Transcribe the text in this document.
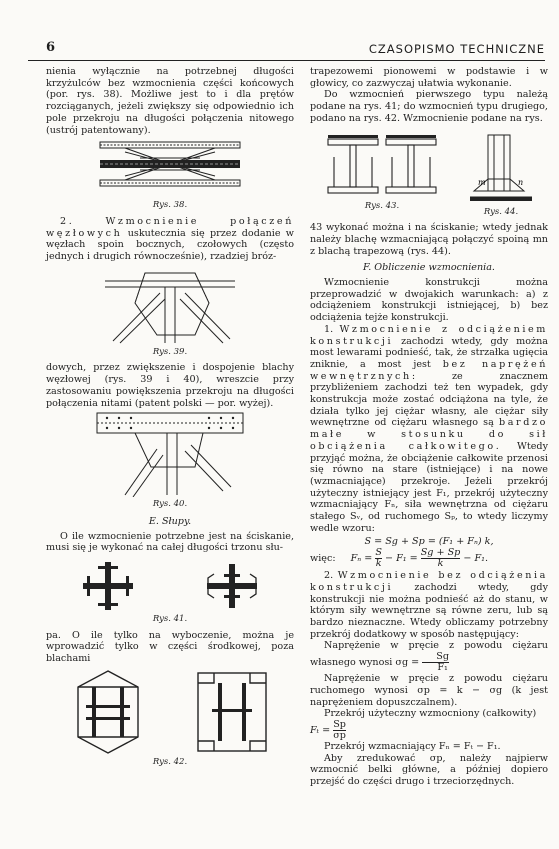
6	CZASOPISMO TECHNICZNE

nienia wyłącznie na potrzebnej długości krzyżulców bez wzmocnienia części końcowych (por. rys. 38). Możliwe jest to i dla prętów rozciąganych, jeżeli zwiększy się odpowiednio ich pole przekroju na długości połączenia nitowego (ustrój patentowany).

Rys. 38.

2. Wzmocnienie połączeń węzłowych uskutecznia się przez dodanie w węzłach spoin bocznych, czołowych (często jednych i drugich równocześnie), rzadziej bróz-

Rys. 39.

dowych, przez zwiększenie i dospojenie blachy węzłowej (rys. 39 i 40), wreszcie przy zastosowaniu powiększenia przekroju na długości połączenia nitami (patent polski — por. wyżej).

Rys. 40.
E. Słupy.

O ile wzmocnienie potrzebne jest na ściskanie, musi się je wykonać na całej długości trzonu słu-

Rys. 41.

pa. O ile tylko na wyboczenie, można je wprowadzić tylko w części środkowej, poza blachami

Rys. 42.

trapezowemi pionowemi w podstawie i w głowicy, co zazwyczaj ułatwia wykonanie.

Do wzmocnień pierwszego typu należą podane na rys. 41; do wzmocnień typu drugiego, podano na rys. 42. Wzmocnienie podane na rys.

Rys. 43.
m	n
Rys. 44.

43 wykonać można i na ściskanie; wtedy jednak należy blachę wzmacniającą połączyć spoiną mn z blachą trapezową (rys. 44).

F. Obliczenie wzmocnienia.

Wzmocnienie konstrukcji można przeprowadzić w dwojakich warunkach: a) z odciążeniem konstrukcji istniejącej, b) bez odciążenia tejże konstrukcji.

1. Wzmocnienie z odciążeniem konstrukcji zachodzi wtedy, gdy można most lewarami podnieść, tak, że strzałka ugięcia zniknie, a most jest bez naprężeń wewnętrznych: ze znacznem przybliżeniem zachodzi też ten wypadek, gdy konstrukcja może zostać odciążona na tyle, że działa tylko jej ciężar własny, ale ciężar siły wewnętrzne od ciężaru własnego są bardzo małe w stosunku do sił obciążenia całkowitego. Wtedy przyjąć można, że obciążenie całkowite przenosi się równo na stare (istniejące) i na nowe (wzmacniające) przekroje. Jeżeli przekrój użyteczny istniejący jest F₁, przekrój użyteczny wzmacniający Fₙ, siła wewnętrzna od ciężaru stałego Sᵥ, od ruchomego Sₚ, to wtedy liczymy wedle wzoru:

S = Sg + Sp = (F₁ + Fₙ) k,
więc: $F_n = \frac{S}{k} - F_1 = \frac{Sg + Sp}{k} - F_1$.

2. Wzmocnienie bez odciążenia konstrukcji zachodzi wtedy, gdy konstrukcji nie można podnieść aż do stanu, w którym siły wewnętrzne są równe zeru, lub są bardzo nieznaczne. Wtedy obliczamy potrzebny przekrój dodatkowy w sposób następujący:

Naprężenie w pręcie z powodu ciężaru własnego wynosi $\sigma g = \frac{Sg}{\text{F₁}}$

Naprężenie w pręcie z powodu ciężaru ruchomego wynosi σp = k − σg (k jest naprężeniem dopuszczalnem).

Przekrój użyteczny wzmocniony (całkowity)

$F_t = \frac{Sp}{\sigma p}$

Przekrój wzmacniający Fₙ = Fₜ − F₁.

Aby zredukować σp, należy najpierw wzmocnić belki główne, a później dopiero przejść do części drugo i trzeciorzędnych.
